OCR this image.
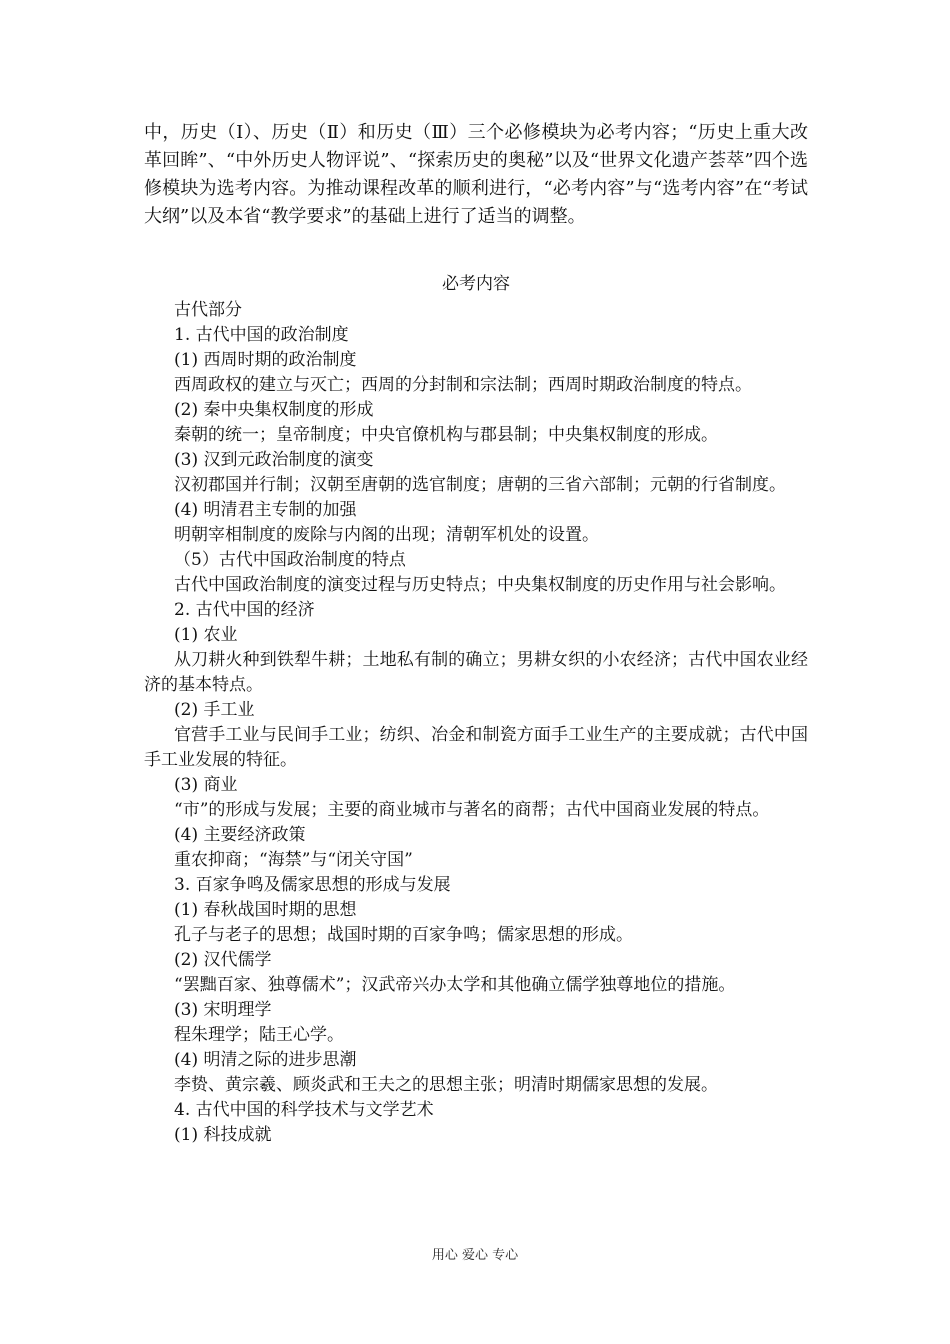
中，历史（Ⅰ）、历史（Ⅱ）和历史（Ⅲ）三个必修模块为必考内容；“历史上重大改革回眸”、“中外历史人物评说”、“探索历史的奥秘”以及“世界文化遗产荟萃”四个选修模块为选考内容。为推动课程改革的顺利进行，“必考内容”与“选考内容”在“考试大纲”以及本省“教学要求”的基础上进行了适当的调整。

必考内容

古代部分

1. 古代中国的政治制度

(1) 西周时期的政治制度

西周政权的建立与灭亡；西周的分封制和宗法制；西周时期政治制度的特点。

(2) 秦中央集权制度的形成

秦朝的统一；皇帝制度；中央官僚机构与郡县制；中央集权制度的形成。

(3) 汉到元政治制度的演变

汉初郡国并行制；汉朝至唐朝的选官制度；唐朝的三省六部制；元朝的行省制度。

(4) 明清君主专制的加强

明朝宰相制度的废除与内阁的出现；清朝军机处的设置。

（5）古代中国政治制度的特点

古代中国政治制度的演变过程与历史特点；中央集权制度的历史作用与社会影响。

2. 古代中国的经济

(1) 农业

从刀耕火种到铁犁牛耕；土地私有制的确立；男耕女织的小农经济；古代中国农业经济的基本特点。

(2) 手工业

官营手工业与民间手工业；纺织、冶金和制瓷方面手工业生产的主要成就；古代中国手工业发展的特征。

(3) 商业

“市”的形成与发展；主要的商业城市与著名的商帮；古代中国商业发展的特点。

(4) 主要经济政策

重农抑商；“海禁”与“闭关守国”

3. 百家争鸣及儒家思想的形成与发展

(1) 春秋战国时期的思想

孔子与老子的思想；战国时期的百家争鸣；儒家思想的形成。

(2) 汉代儒学

“罢黜百家、独尊儒术”；汉武帝兴办太学和其他确立儒学独尊地位的措施。

(3) 宋明理学

程朱理学；陆王心学。

(4) 明清之际的进步思潮

李贽、黄宗羲、顾炎武和王夫之的思想主张；明清时期儒家思想的发展。

4. 古代中国的科学技术与文学艺术

(1) 科技成就

用心 爱心 专心
